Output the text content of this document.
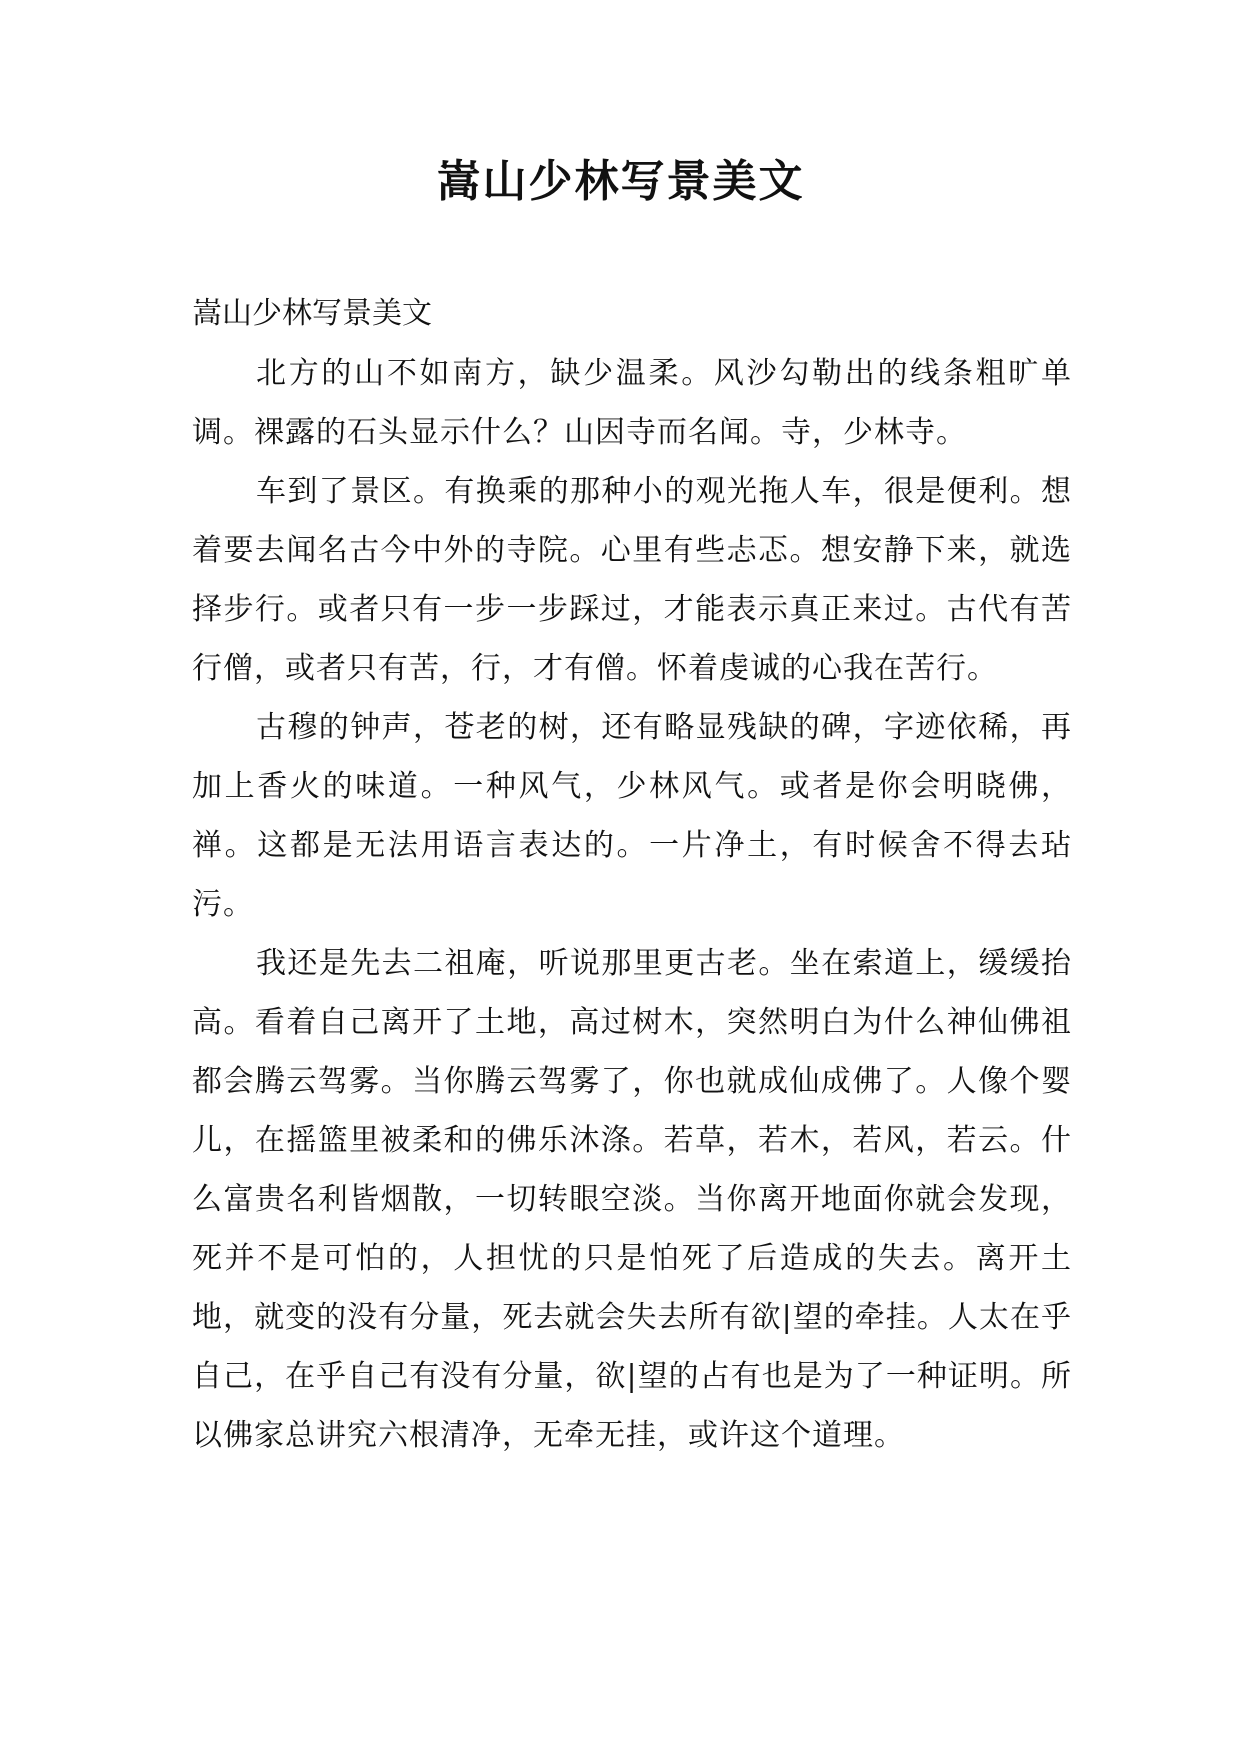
嵩山少林写景美文

嵩山少林写景美文

北方的山不如南方，缺少温柔。风沙勾勒出的线条粗旷单调。裸露的石头显示什么？山因寺而名闻。寺，少林寺。

车到了景区。有换乘的那种小的观光拖人车，很是便利。想着要去闻名古今中外的寺院。心里有些忐忑。想安静下来，就选择步行。或者只有一步一步踩过，才能表示真正来过。古代有苦行僧，或者只有苦，行，才有僧。怀着虔诚的心我在苦行。

古穆的钟声，苍老的树，还有略显残缺的碑，字迹依稀，再加上香火的味道。一种风气，少林风气。或者是你会明晓佛，禅。这都是无法用语言表达的。一片净土，有时候舍不得去玷污。

我还是先去二祖庵，听说那里更古老。坐在索道上，缓缓抬高。看着自己离开了土地，高过树木，突然明白为什么神仙佛祖都会腾云驾雾。当你腾云驾雾了，你也就成仙成佛了。人像个婴儿，在摇篮里被柔和的佛乐沐涤。若草，若木，若风，若云。什么富贵名利皆烟散，一切转眼空淡。当你离开地面你就会发现，死并不是可怕的，人担忧的只是怕死了后造成的失去。离开土地，就变的没有分量，死去就会失去所有欲|望的牵挂。人太在乎自己，在乎自己有没有分量，欲|望的占有也是为了一种证明。所以佛家总讲究六根清净，无牵无挂，或许这个道理。
